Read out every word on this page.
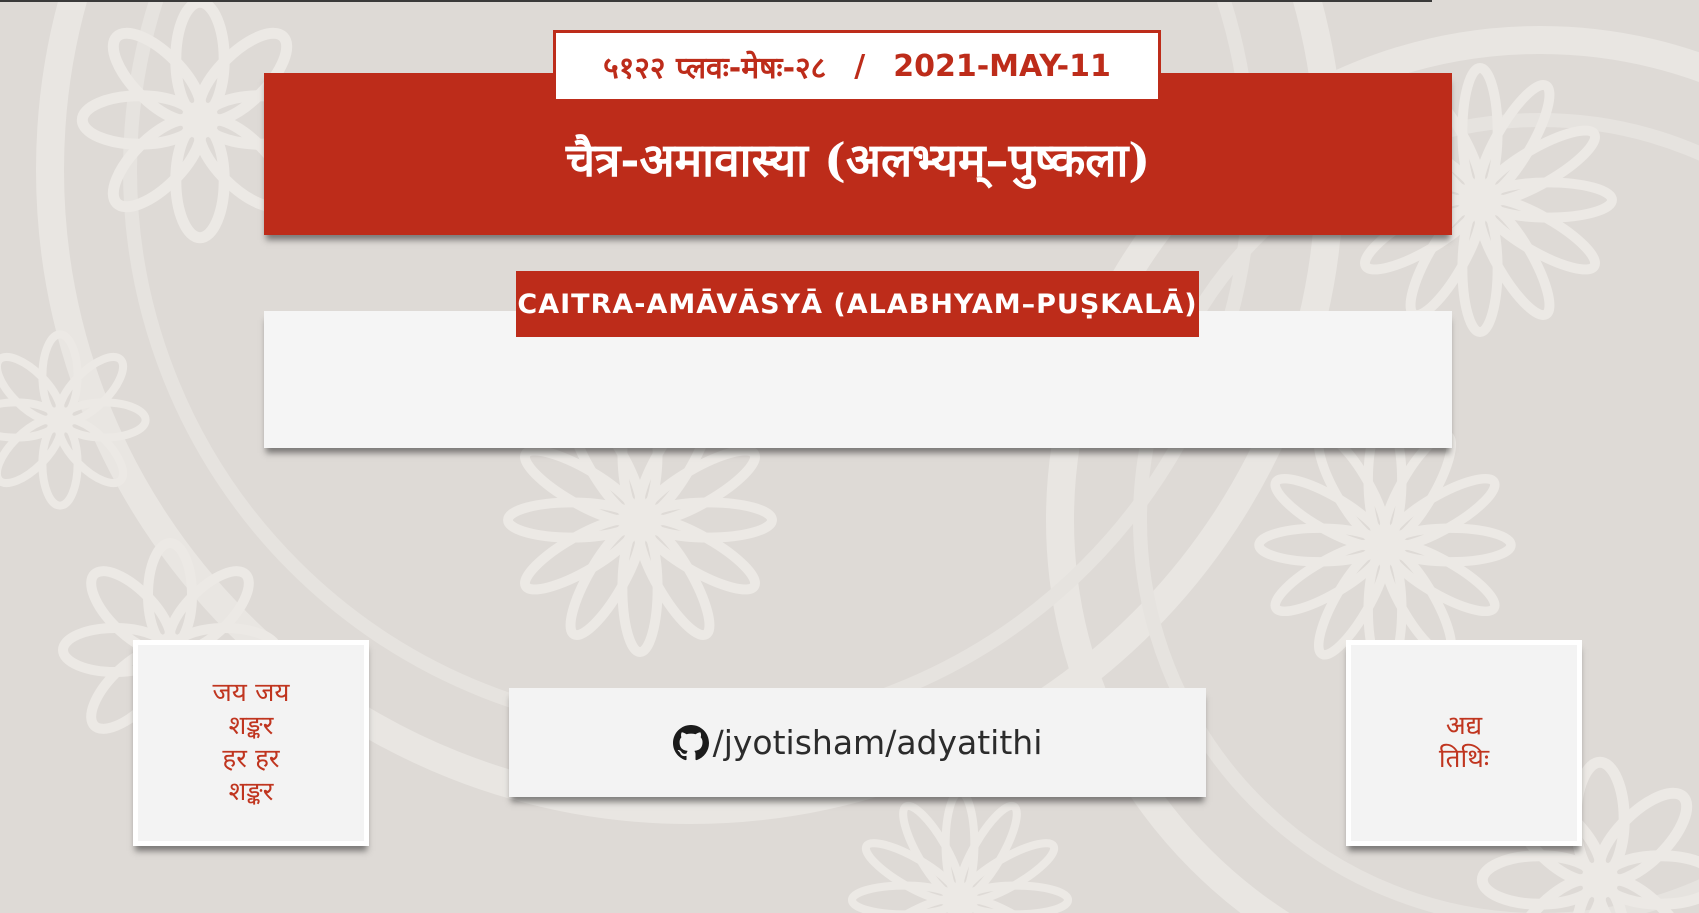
चैत्र-अमावास्या (अलभ्यम्–पुष्कला)
५१२२ प्लवः-मेषः-२८ / 2021-MAY-11
CAITRA-AMĀVĀSYĀ (ALABHYAM–PUṢKALĀ)
जय जय
शङ्कर
हर हर
शङ्कर
/jyotisham/adyatithi	अद्य
तिथिः
